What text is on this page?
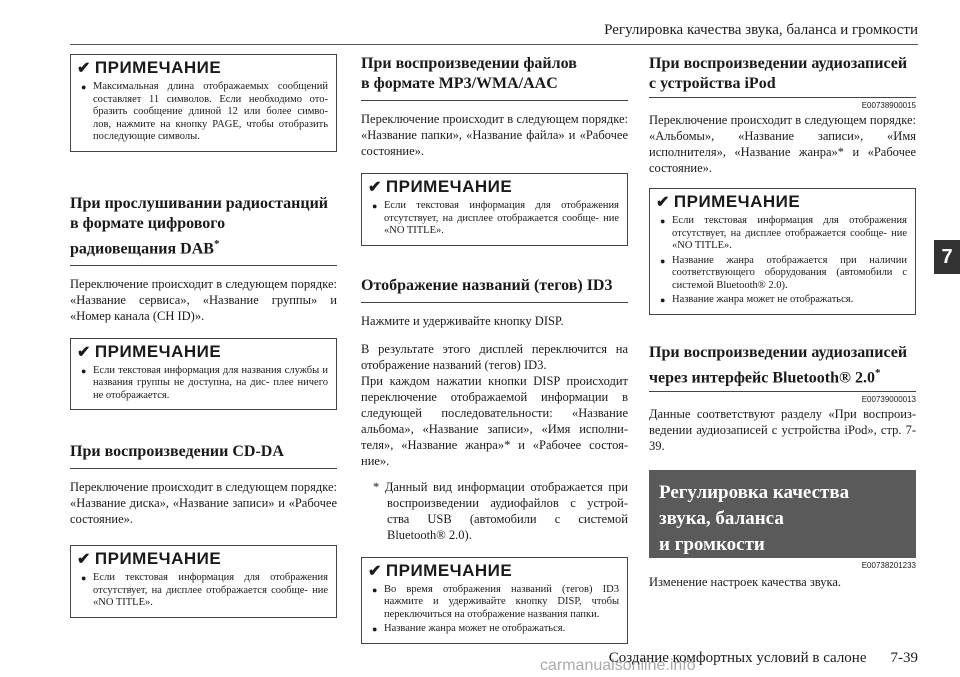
Регулировка качества звука, баланса и громкости
7
✔ ПРИМЕЧАНИЕ
● Максимальная длина отображаемых сообщений составляет 11 символов. Если необходимо ото- бразить сообщение длиной 12 или более симво- лов, нажмите на кнопку PAGE, чтобы отобразить последующие символы.
При прослушивании радиостанций
в формате цифрового
радиовещания DAB*

Переключение происходит в следующем порядке: «Название сервиса», «Название группы» и «Номер канала (CH ID)».

✔ ПРИМЕЧАНИЕ
● Если текстовая информация для названия службы и названия группы не доступна, на дис- плее ничего не отображается.
При воспроизведении CD-DA

Переключение происходит в следующем порядке: «Название диска», «Название записи» и «Рабочее состояние».

✔ ПРИМЕЧАНИЕ
● Если текстовая информация для отображения отсутствует, на дисплее отображается сообще- ние «NO TITLE».
При воспроизведении файлов
в формате MP3/WMA/AAC

Переключение происходит в следующем порядке: «Название папки», «Название файла» и «Рабочее состояние».

✔ ПРИМЕЧАНИЕ
● Если текстовая информация для отображения отсутствует, на дисплее отображается сообще- ние «NO TITLE».
Отображение названий (тегов) ID3

Нажмите и удерживайте кнопку DISP.

В результате этого дисплей переключится на отображение названий (тегов) ID3.

При каждом нажатии кнопки DISP происходит переключение отображаемой информации в следующей последовательности: «Название альбома», «Название записи», «Имя исполни- теля», «Название жанра»* и «Рабочее состоя- ние».

* Данный вид информации отображается при воспроизведении аудиофайлов с устрой- ства USB (автомобили с системой Bluetooth® 2.0).
✔ ПРИМЕЧАНИЕ
● Во время отображения названий (тегов) ID3 нажмите и удерживайте кнопку DISP, чтобы переключиться на отображение названия папки.
● Название жанра может не отображаться.
При воспроизведении аудиозаписей
с устройства iPod
E00738900015

Переключение происходит в следующем порядке: «Альбомы», «Название записи», «Имя исполнителя», «Название жанра»* и «Рабочее состояние».

✔ ПРИМЕЧАНИЕ
● Если текстовая информация для отображения отсутствует, на дисплее отображается сообще- ние «NO TITLE».
● Название жанра отображается при наличии соответствующего оборудования (автомобили с системой Bluetooth® 2.0).
● Название жанра может не отображаться.
При воспроизведении аудиозаписей
через интерфейс Bluetooth® 2.0*
E00739000013

Данные соответствуют разделу «При воспроиз- ведении аудиозаписей с устройства iPod», стр. 7-39.

Регулировка качества
звука, баланса
и громкости
E00738201233

Изменение настроек качества звука.

carmanualsonline.info
Создание комфортных условий в салоне 7-39
